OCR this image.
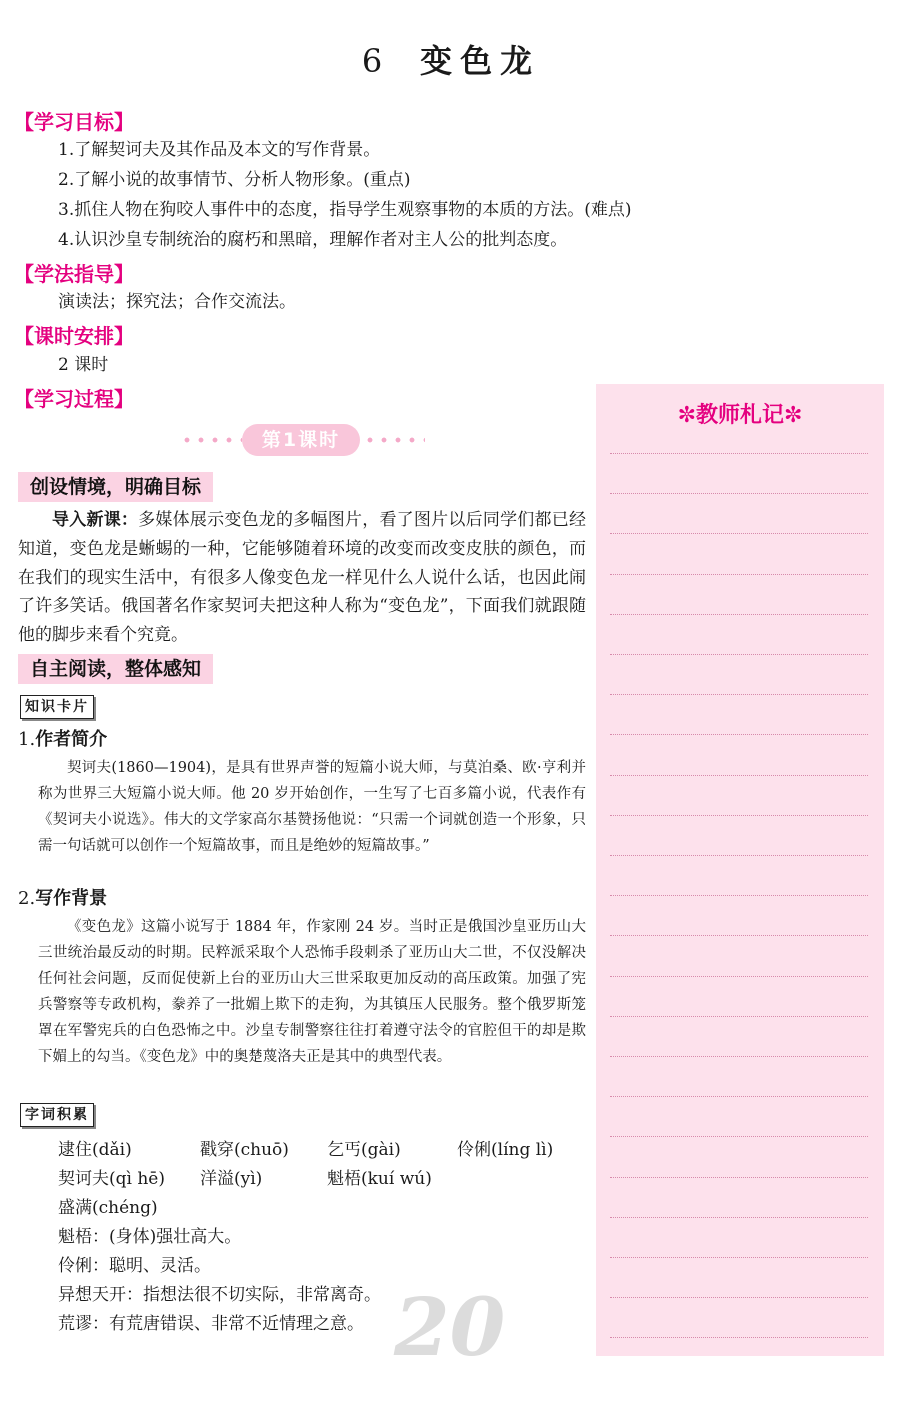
6 变色龙
【学习目标】
1.了解契诃夫及其作品及本文的写作背景。
2.了解小说的故事情节、分析人物形象。(重点)
3.抓住人物在狗咬人事件中的态度，指导学生观察事物的本质的方法。(难点)
4.认识沙皇专制统治的腐朽和黑暗，理解作者对主人公的批判态度。
【学法指导】
演读法；探究法；合作交流法。
【课时安排】
2 课时
【学习过程】
第1课时
创设情境，明确目标
导入新课：多媒体展示变色龙的多幅图片，看了图片以后同学们都已经知道，变色龙是蜥蜴的一种，它能够随着环境的改变而改变皮肤的颜色，而在我们的现实生活中，有很多人像变色龙一样见什么人说什么话，也因此闹了许多笑话。俄国著名作家契诃夫把这种人称为“变色龙”，下面我们就跟随他的脚步来看个究竟。
自主阅读，整体感知
知识卡片
1.作者简介
契诃夫(1860—1904)，是具有世界声誉的短篇小说大师，与莫泊桑、欧·亨利并称为世界三大短篇小说大师。他 20 岁开始创作，一生写了七百多篇小说，代表作有《契诃夫小说选》。伟大的文学家高尔基赞扬他说：“只需一个词就创造一个形象，只需一句话就可以创作一个短篇故事，而且是绝妙的短篇故事。”
2.写作背景
《变色龙》这篇小说写于 1884 年，作家刚 24 岁。当时正是俄国沙皇亚历山大三世统治最反动的时期。民粹派采取个人恐怖手段刺杀了亚历山大二世，不仅没解决任何社会问题，反而促使新上台的亚历山大三世采取更加反动的高压政策。加强了宪兵警察等专政机构，豢养了一批媚上欺下的走狗，为其镇压人民服务。整个俄罗斯笼罩在军警宪兵的白色恐怖之中。沙皇专制警察往往打着遵守法令的官腔但干的却是欺下媚上的勾当。《变色龙》中的奥楚蔑洛夫正是其中的典型代表。
字词积累
逮住(dǎi)	戳穿(chuō) 乞丐(gài)	伶俐(líng lì)
契诃夫(qì hē) 洋溢(yì)	魁梧(kuí wú)
盛满(chéng)
魁梧：(身体)强壮高大。
伶俐：聪明、灵活。
异想天开：指想法很不切实际，非常离奇。
荒谬：有荒唐错误、非常不近情理之意。 20
✼教师札记✼
